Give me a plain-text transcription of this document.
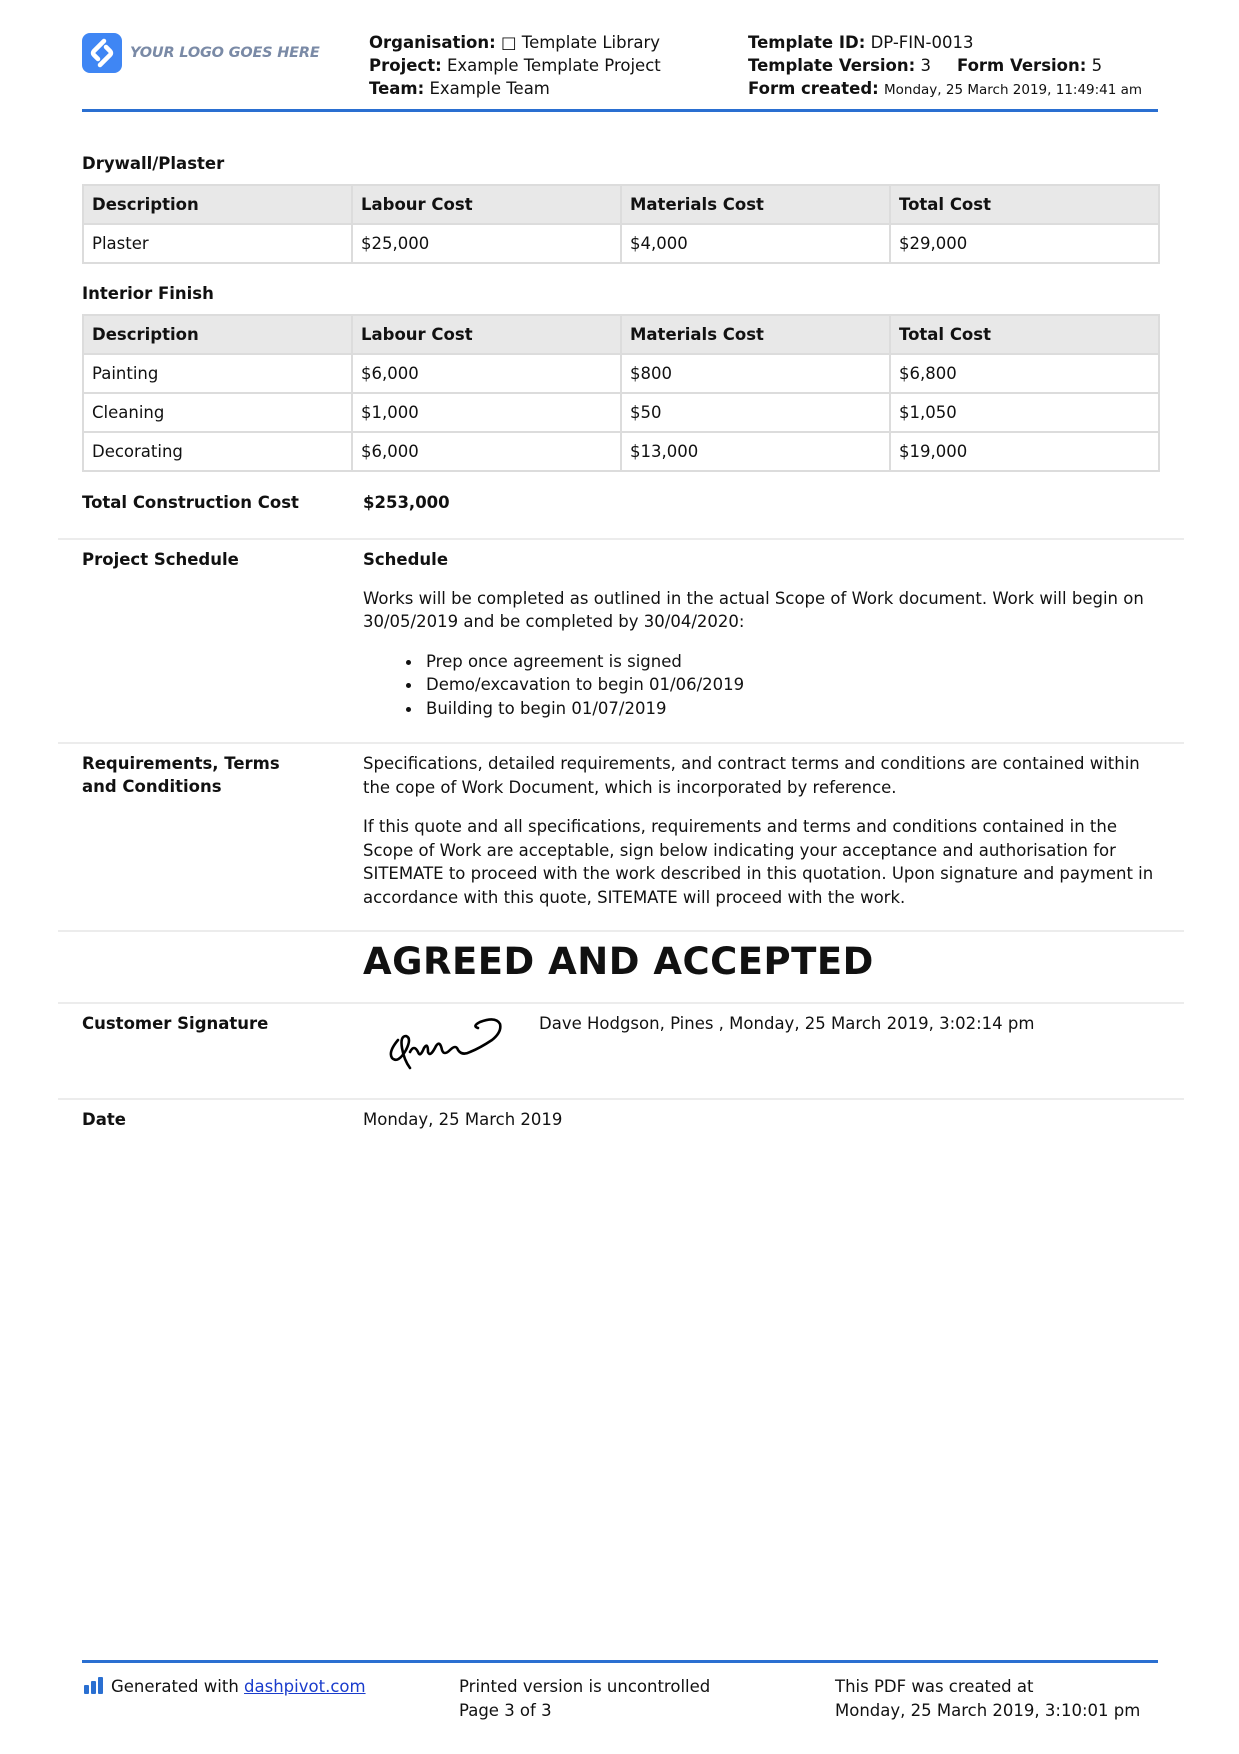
YOUR LOGO GOES HERE
Organisation: □ Template Library
Project: Example Template Project
Team: Example Team
Template ID: DP-FIN-0013
Template Version: 3 Form Version: 5
Form created: Monday, 25 March 2019, 11:49:41 am
Drywall/Plaster
Description	Labour Cost	Materials Cost	Total Cost
Plaster	$25,000	$4,000	$29,000
Interior Finish
Description	Labour Cost	Materials Cost	Total Cost
Painting	$6,000	$800	$6,800
Cleaning	$1,000	$50	$1,050
Decorating	$6,000	$13,000	$19,000
Total Construction Cost	$253,000
Project Schedule	Schedule

Works will be completed as outlined in the actual Scope of Work document. Work will begin on 30/05/2019 and be completed by 30/04/2020:

Prep once agreement is signed
Demo/excavation to begin 01/06/2019
Building to begin 01/07/2019
Requirements, Terms
and Conditions

Specifications, detailed requirements, and contract terms and conditions are contained within the cope of Work Document, which is incorporated by reference.

If this quote and all specifications, requirements and terms and conditions contained in the Scope of Work are acceptable, sign below indicating your acceptance and authorisation for SITEMATE to proceed with the work described in this quotation. Upon signature and payment in accordance with this quote, SITEMATE will proceed with the work.

AGREED AND ACCEPTED
Customer Signature	Dave Hodgson, Pines , Monday, 25 March 2019, 3:02:14 pm
Date	Monday, 25 March 2019
Generated with dashpivot.com	Printed version is uncontrolled
Page 3 of 3
This PDF was created at
Monday, 25 March 2019, 3:10:01 pm
